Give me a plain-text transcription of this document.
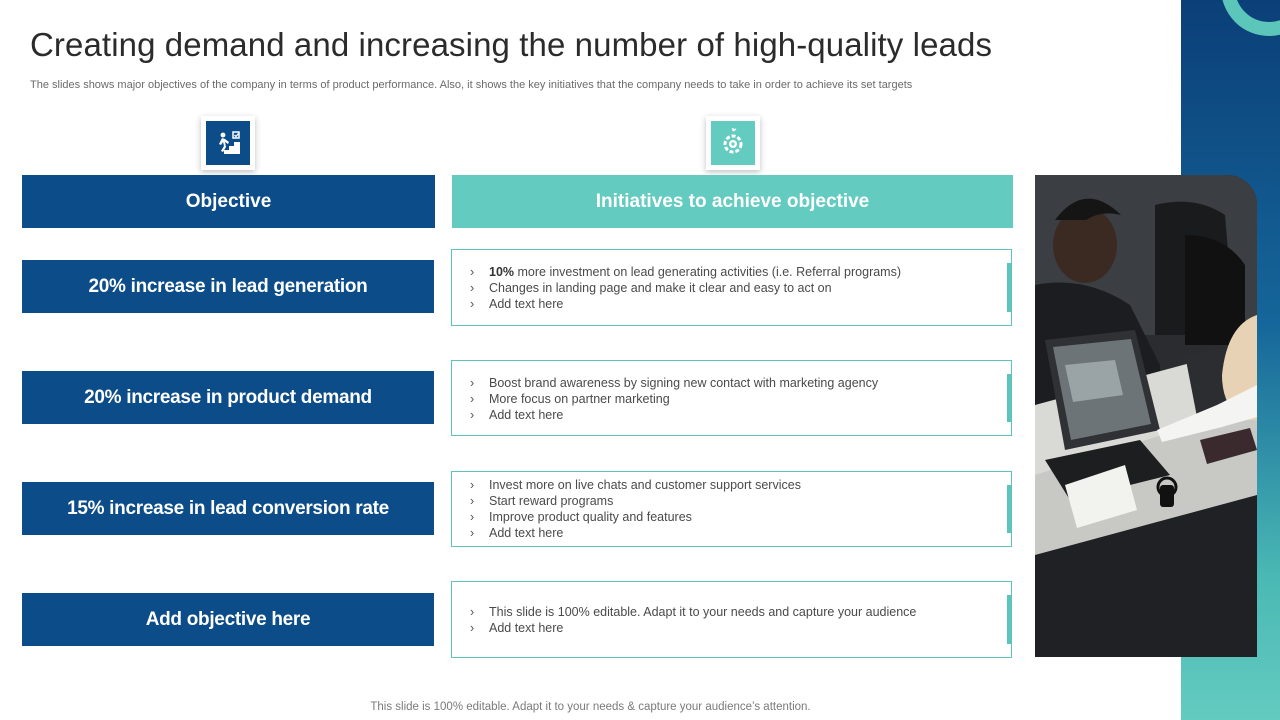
Creating demand and increasing the number of high-quality leads
The slides shows major objectives of the company in terms of product performance. Also, it shows the key initiatives that the company needs to take in order to achieve its set targets
Objective	Initiatives to achieve objective
20% increase in lead generation
› 10% more investment on lead generating activities (i.e. Referral programs)
› Changes in landing page and make it clear and easy to act on
› Add text here
20% increase in product demand
› Boost brand awareness by signing new contact with marketing agency
› More focus on partner marketing
› Add text here
15% increase in lead conversion rate
› Invest more on live chats and customer support services
› Start reward programs
› Improve product quality and features
› Add text here
Add objective here	› This slide is 100% editable. Adapt it to your needs and capture your audience
› Add text here
This slide is 100% editable. Adapt it to your needs & capture your audience’s attention.
